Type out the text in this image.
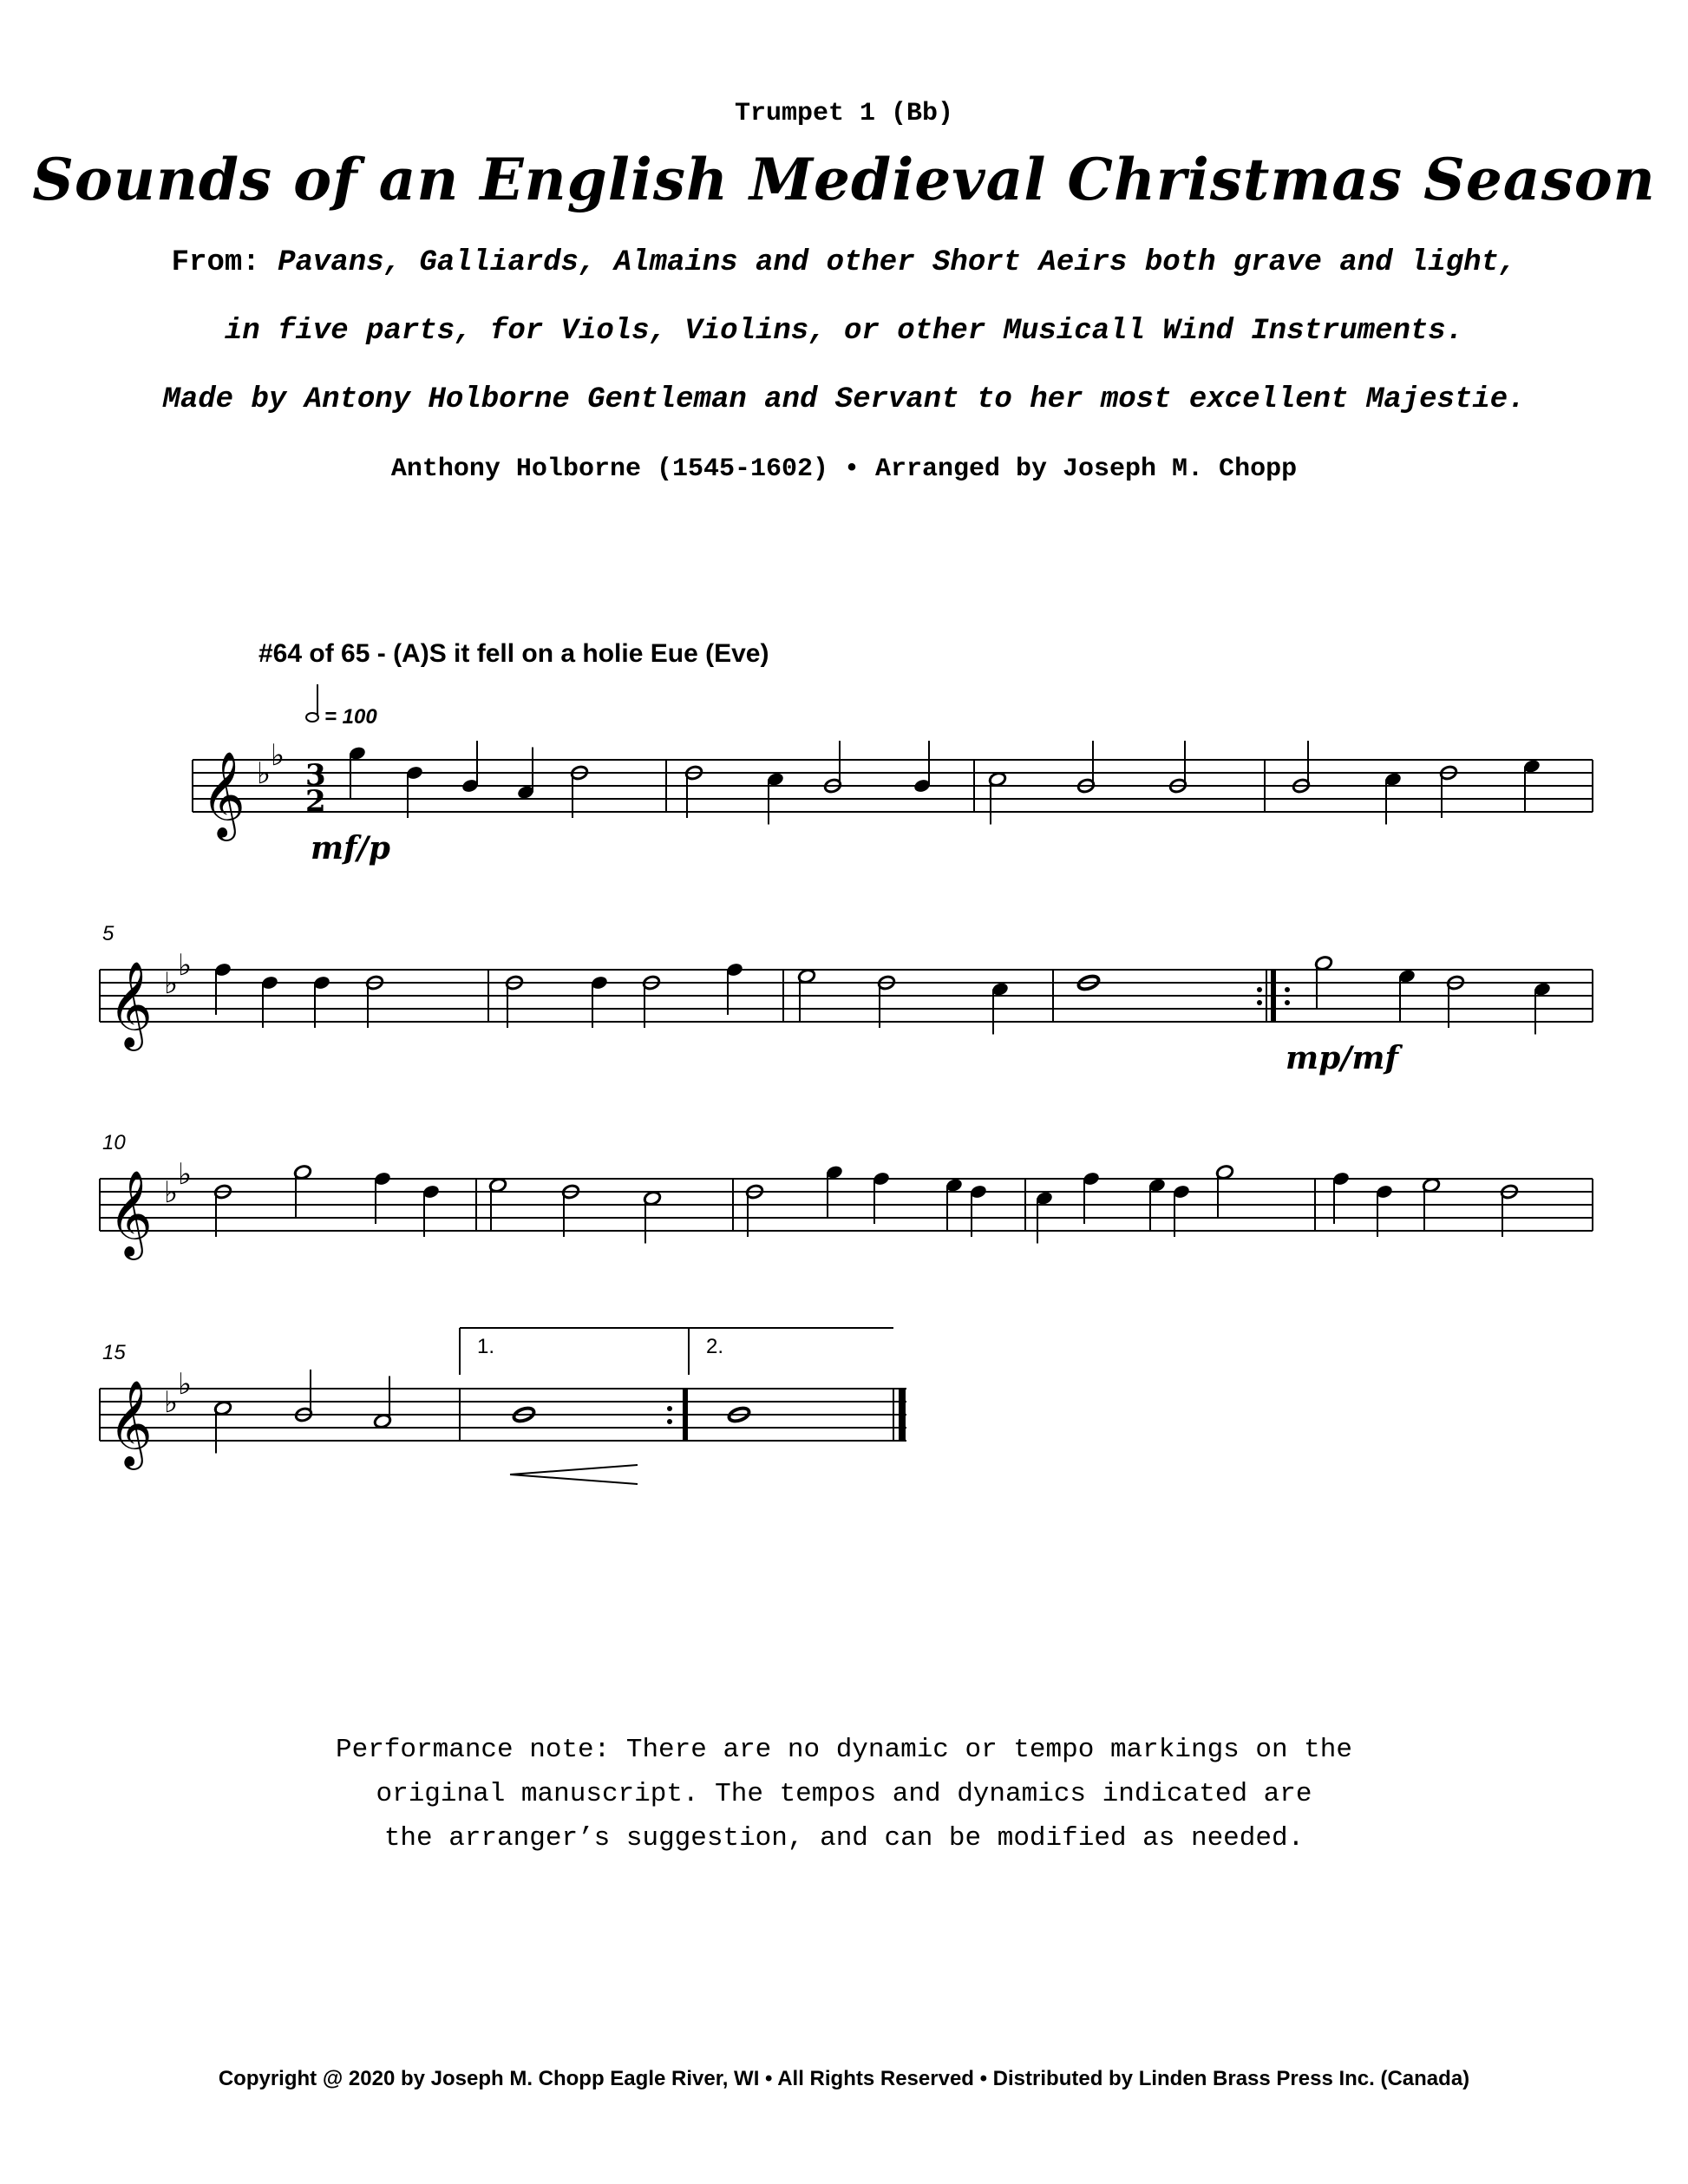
Trumpet 1 (Bb)
Sounds of an English Medieval Christmas Season
From: Pavans, Galliards, Almains and other Short Aeirs both grave and light,
in five parts, for Viols, Violins, or other Musicall Wind Instruments.
Made by Antony Holborne Gentleman and Servant to her most excellent Majestie.
Anthony Holborne (1545-1602) • Arranged by Joseph M. Chopp
#64 of 65 - (A)S it fell on a holie Eue (Eve)
𝄞
𝄞
𝄞
𝄞
♭
♭
♭
♭
♭
♭
♭
♭
3
2
5
10
15	1.	2.
= 100
mf/p
mp/mf
Performance note: There are no dynamic or tempo markings on the
original manuscript. The tempos and dynamics indicated are
the arranger’s suggestion, and can be modified as needed.
Copyright @ 2020 by Joseph M. Chopp Eagle River, WI • All Rights Reserved • Distributed by Linden Brass Press Inc. (Canada)
